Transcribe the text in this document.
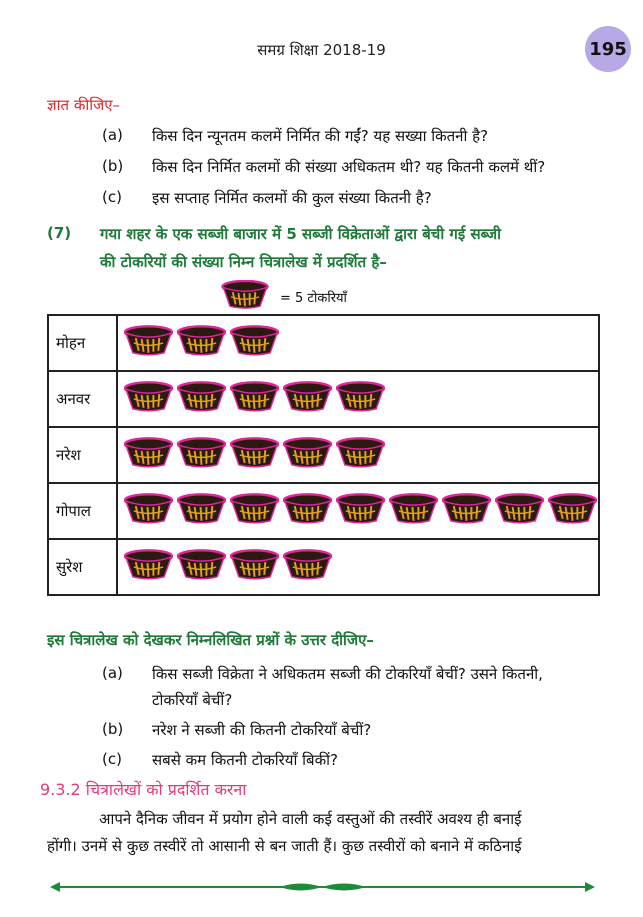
समग्र शिक्षा 2018-19	195
ज्ञात कीजिए–
(a) किस दिन न्यूनतम कलमें निर्मित की गईं? यह सख्या कितनी है?
(b) किस दिन निर्मित कलमों की संख्या अधिकतम थी? यह कितनी कलमें थीं?
(c) इस सप्ताह निर्मित कलमों की कुल संख्या कितनी है?
(7) गया शहर के एक सब्जी बाजार में 5 सब्जी विक्रेताओं द्वारा बेची गई सब्जी
की टोकरियों की संख्या निम्न चित्रालेख में प्रदर्शित है–
= 5 टोकरियाँ
मोहन	

अनवर	

नरेश	

गोपाल	

सुरेश	
इस चित्रालेख को देखकर निम्नलिखित प्रश्नों के उत्तर दीजिए–
(a) किस सब्जी विक्रेता ने अधिकतम सब्जी की टोकरियाँ बेचीं? उसने कितनी,
टोकरियाँ बेचीं?
(b) नरेश ने सब्जी की कितनी टोकरियाँ बेचीं?
(c) सबसे कम कितनी टोकरियाँ बिकीं?
9.3.2 चित्रालेखों को प्रदर्शित करना
आपने दैनिक जीवन में प्रयोग होने वाली कई वस्तुओं की तस्वीरें अवश्य ही बनाई
होंगी। उनमें से कुछ तस्वीरें तो आसानी से बन जाती हैं। कुछ तस्वीरों को बनाने में कठिनाई
